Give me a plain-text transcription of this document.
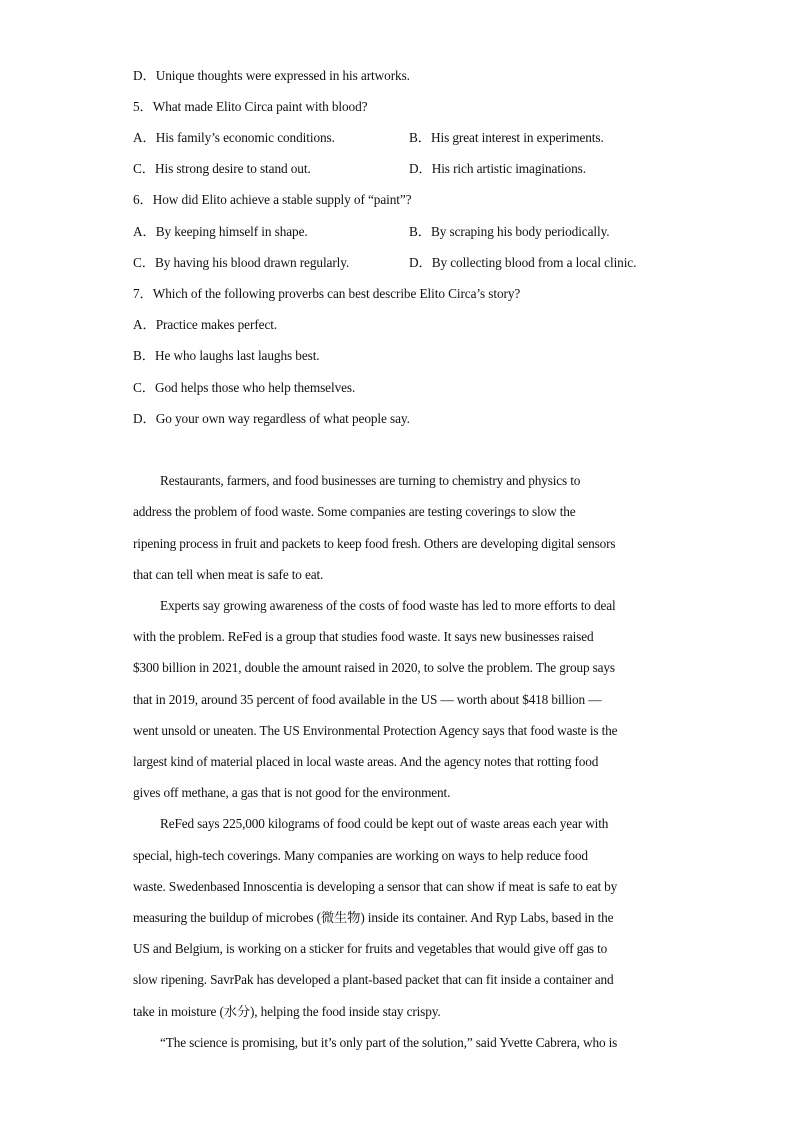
D．Unique thoughts were expressed in his artworks.
5．What made Elito Circa paint with blood?
A．His family’s economic conditions.	B．His great interest in experiments.
C．His strong desire to stand out.	D．His rich artistic imaginations.
6．How did Elito achieve a stable supply of “paint”?
A．By keeping himself in shape.	B．By scraping his body periodically.
C．By having his blood drawn regularly.	D．By collecting blood from a local clinic.
7．Which of the following proverbs can best describe Elito Circa’s story?
A．Practice makes perfect.
B．He who laughs last laughs best.
C．God helps those who help themselves.
D．Go your own way regardless of what people say.
Restaurants, farmers, and food businesses are turning to chemistry and physics to
address the problem of food waste. Some companies are testing coverings to slow the
ripening process in fruit and packets to keep food fresh. Others are developing digital sensors
that can tell when meat is safe to eat.
Experts say growing awareness of the costs of food waste has led to more efforts to deal
with the problem. ReFed is a group that studies food waste. It says new businesses raised
$300 billion in 2021, double the amount raised in 2020, to solve the problem. The group says
that in 2019, around 35 percent of food available in the US — worth about $418 billion —
went unsold or uneaten. The US Environmental Protection Agency says that food waste is the
largest kind of material placed in local waste areas. And the agency notes that rotting food
gives off methane, a gas that is not good for the environment.
ReFed says 225,000 kilograms of food could be kept out of waste areas each year with
special, high-tech coverings. Many companies are working on ways to help reduce food
waste. Swedenbased Innoscentia is developing a sensor that can show if meat is safe to eat by
measuring the buildup of microbes (微生物) inside its container. And Ryp Labs, based in the
US and Belgium, is working on a sticker for fruits and vegetables that would give off gas to
slow ripening. SavrPak has developed a plant-based packet that can fit inside a container and
take in moisture (水分), helping the food inside stay crispy.
“The science is promising, but it’s only part of the solution,” said Yvette Cabrera, who is
